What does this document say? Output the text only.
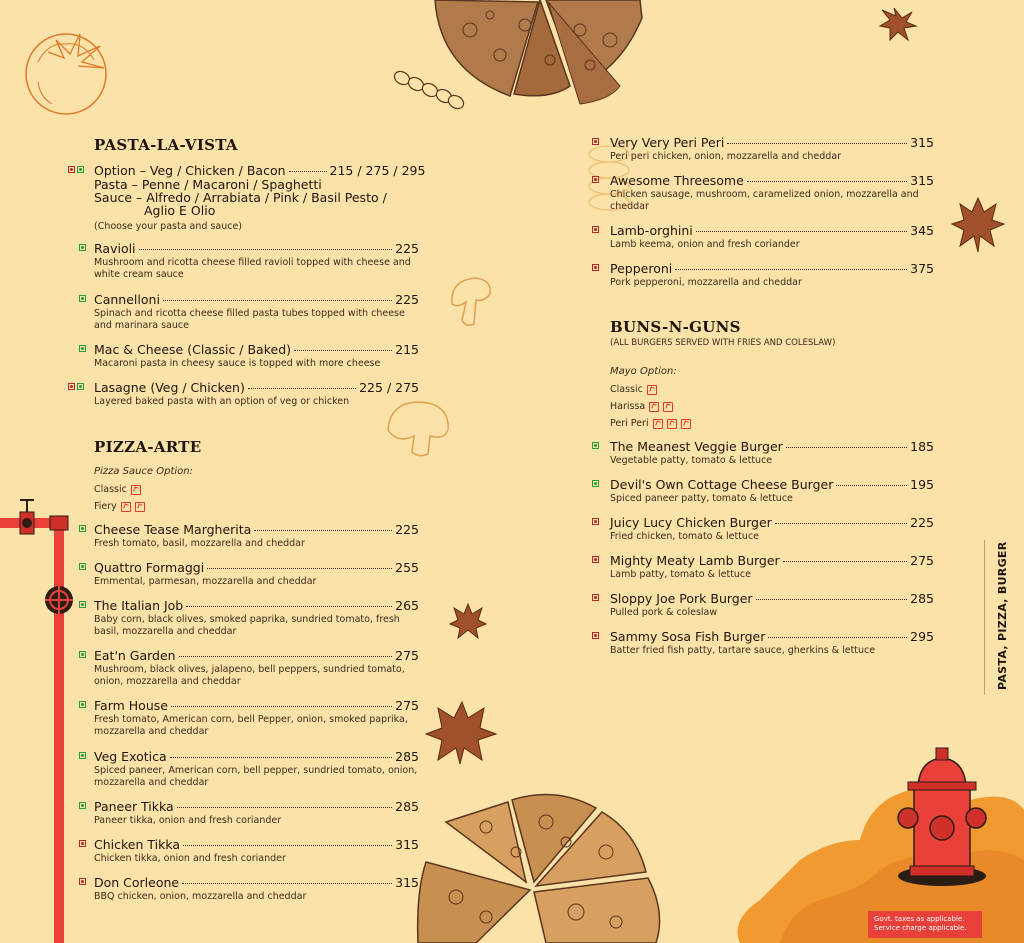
PASTA-LA-VISTA
Option – Veg / Chicken / Bacon	215 / 275 / 295
Pasta – Penne / Macaroni / Spaghetti
Sauce – Alfredo / Arrabiata / Pink / Basil Pesto /
Aglio E Olio
(Choose your pasta and sauce)
Ravioli	225
Mushroom and ricotta cheese filled ravioli topped with cheese and white cream sauce
Cannelloni	225
Spinach and ricotta cheese filled pasta tubes topped with cheese and marinara sauce
Mac & Cheese (Classic / Baked)	215
Macaroni pasta in cheesy sauce is topped with more cheese
Lasagne (Veg / Chicken)	225 / 275
Layered baked pasta with an option of veg or chicken
PIZZA-ARTE
Pizza Sauce Option:
Classic
Fiery
Cheese Tease Margherita	225
Fresh tomato, basil, mozzarella and cheddar
Quattro Formaggi	255
Emmental, parmesan, mozzarella and cheddar
The Italian Job	265
Baby corn, black olives, smoked paprika, sundried tomato, fresh basil, mozzarella and cheddar
Eat'n Garden	275
Mushroom, black olives, jalapeno, bell peppers, sundried tomato, onion, mozzarella and cheddar
Farm House	275
Fresh tomato, American corn, bell Pepper, onion, smoked paprika, mozzarella and cheddar
Veg Exotica	285
Spiced paneer, American corn, bell pepper, sundried tomato, onion, mozzarella and cheddar
Paneer Tikka	285
Paneer tikka, onion and fresh coriander
Chicken Tikka	315
Chicken tikka, onion and fresh coriander
Don Corleone	315
BBQ chicken, onion, mozzarella and cheddar
Very Very Peri Peri	315
Peri peri chicken, onion, mozzarella and cheddar
Awesome Threesome	315
Chicken sausage, mushroom, caramelized onion, mozzarella and cheddar
Lamb-orghini	345
Lamb keema, onion and fresh coriander
Pepperoni	375
Pork pepperoni, mozzarella and cheddar
BUNS-N-GUNS
(ALL BURGERS SERVED WITH FRIES AND COLESLAW)
Mayo Option:
Classic
Harissa
Peri Peri
The Meanest Veggie Burger	185
Vegetable patty, tomato & lettuce
Devil's Own Cottage Cheese Burger	195
Spiced paneer patty, tomato & lettuce
Juicy Lucy Chicken Burger	225
Fried chicken, tomato & lettuce
Mighty Meaty Lamb Burger	275
Lamb patty, tomato & lettuce
Sloppy Joe Pork Burger	285
Pulled pork & coleslaw
Sammy Sosa Fish Burger	295
Batter fried fish patty, tartare sauce, gherkins & lettuce	PASTA, PIZZA, BURGER
Govt. taxes as applicable.
Service charge applicable.
